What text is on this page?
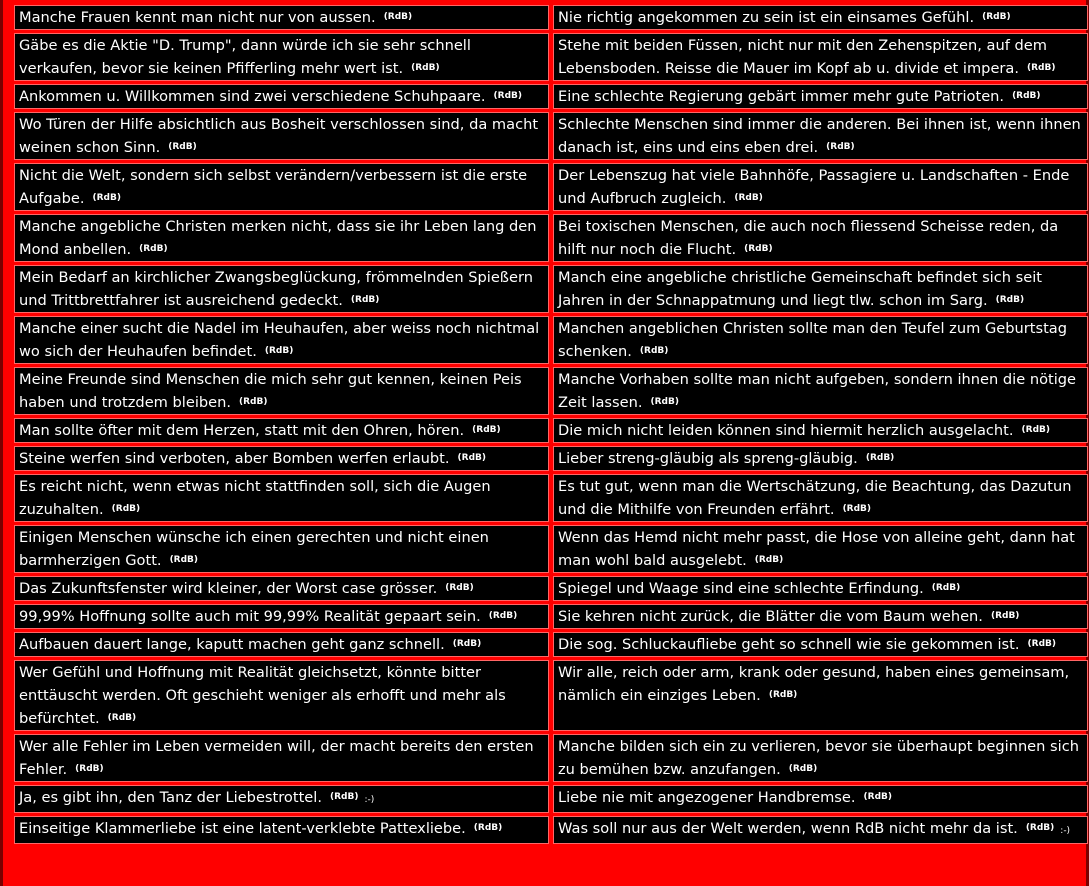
Manche Frauen kennt man nicht nur von aussen. $^{(RdB)}$	Nie richtig angekommen zu sein ist ein einsames Gefühl. $^{(RdB)}$
Gäbe es die Aktie "D. Trump", dann würde ich sie sehr schnell verkaufen, bevor sie keinen Pfifferling mehr wert ist. $^{(RdB)}$	Stehe mit beiden Füssen, nicht nur mit den Zehenspitzen, auf dem Lebensboden. Reisse die Mauer im Kopf ab u. divide et impera. $^{(RdB)}$
Ankommen u. Willkommen sind zwei verschiedene Schuhpaare. $^{(RdB)}$	Eine schlechte Regierung gebärt immer mehr gute Patrioten. $^{(RdB)}$
Wo Türen der Hilfe absichtlich aus Bosheit verschlossen sind, da macht weinen schon Sinn. $^{(RdB)}$	Schlechte Menschen sind immer die anderen. Bei ihnen ist, wenn ihnen danach ist, eins und eins eben drei. $^{(RdB)}$
Nicht die Welt, sondern sich selbst verändern/verbessern ist die erste Aufgabe. $^{(RdB)}$	Der Lebenszug hat viele Bahnhöfe, Passagiere u. Landschaften - Ende und Aufbruch zugleich. $^{(RdB)}$
Manche angebliche Christen merken nicht, dass sie ihr Leben lang den Mond anbellen. $^{(RdB)}$	Bei toxischen Menschen, die auch noch fliessend Scheisse reden, da hilft nur noch die Flucht. $^{(RdB)}$
Mein Bedarf an kirchlicher Zwangsbeglückung, frömmelnden Spießern und Trittbrettfahrer ist ausreichend gedeckt. $^{(RdB)}$	Manch eine angebliche christliche Gemeinschaft befindet sich seit Jahren in der Schnappatmung und liegt tlw. schon im Sarg. $^{(RdB)}$
Manche einer sucht die Nadel im Heuhaufen, aber weiss noch nichtmal wo sich der Heuhaufen befindet. $^{(RdB)}$	Manchen angeblichen Christen sollte man den Teufel zum Geburtstag schenken. $^{(RdB)}$
Meine Freunde sind Menschen die mich sehr gut kennen, keinen Peis haben und trotzdem bleiben. $^{(RdB)}$	Manche Vorhaben sollte man nicht aufgeben, sondern ihnen die nötige Zeit lassen. $^{(RdB)}$
Man sollte öfter mit dem Herzen, statt mit den Ohren, hören. $^{(RdB)}$	Die mich nicht leiden können sind hiermit herzlich ausgelacht. $^{(RdB)}$
Steine werfen sind verboten, aber Bomben werfen erlaubt. $^{(RdB)}$	Lieber streng-gläubig als spreng-gläubig. $^{(RdB)}$
Es reicht nicht, wenn etwas nicht stattfinden soll, sich die Augen zuzuhalten. $^{(RdB)}$	Es tut gut, wenn man die Wertschätzung, die Beachtung, das Dazutun und die Mithilfe von Freunden erfährt. $^{(RdB)}$
Einigen Menschen wünsche ich einen gerechten und nicht einen barmherzigen Gott. $^{(RdB)}$	Wenn das Hemd nicht mehr passt, die Hose von alleine geht, dann hat man wohl bald ausgelebt. $^{(RdB)}$
Das Zukunftsfenster wird kleiner, der Worst case grösser. $^{(RdB)}$	Spiegel und Waage sind eine schlechte Erfindung. $^{(RdB)}$
99,99% Hoffnung sollte auch mit 99,99% Realität gepaart sein. $^{(RdB)}$	Sie kehren nicht zurück, die Blätter die vom Baum wehen. $^{(RdB)}$
Aufbauen dauert lange, kaputt machen geht ganz schnell. $^{(RdB)}$	Die sog. Schluckaufliebe geht so schnell wie sie gekommen ist. $^{(RdB)}$
Wer Gefühl und Hoffnung mit Realität gleichsetzt, könnte bitter enttäuscht werden. Oft geschieht weniger als erhofft und mehr als befürchtet. $^{(RdB)}$	Wir alle, reich oder arm, krank oder gesund, haben eines gemeinsam, nämlich ein einziges Leben. $^{(RdB)}$
Wer alle Fehler im Leben vermeiden will, der macht bereits den ersten Fehler. $^{(RdB)}$	Manche bilden sich ein zu verlieren, bevor sie überhaupt beginnen sich zu bemühen bzw. anzufangen. $^{(RdB)}$
Ja, es gibt ihn, den Tanz der Liebestrottel. $^{(RdB)}$ :-)	Liebe nie mit angezogener Handbremse. $^{(RdB)}$
Einseitige Klammerliebe ist eine latent-verklebte Pattexliebe. $^{(RdB)}$	Was soll nur aus der Welt werden, wenn RdB nicht mehr da ist. $^{(RdB)}$ :-)
